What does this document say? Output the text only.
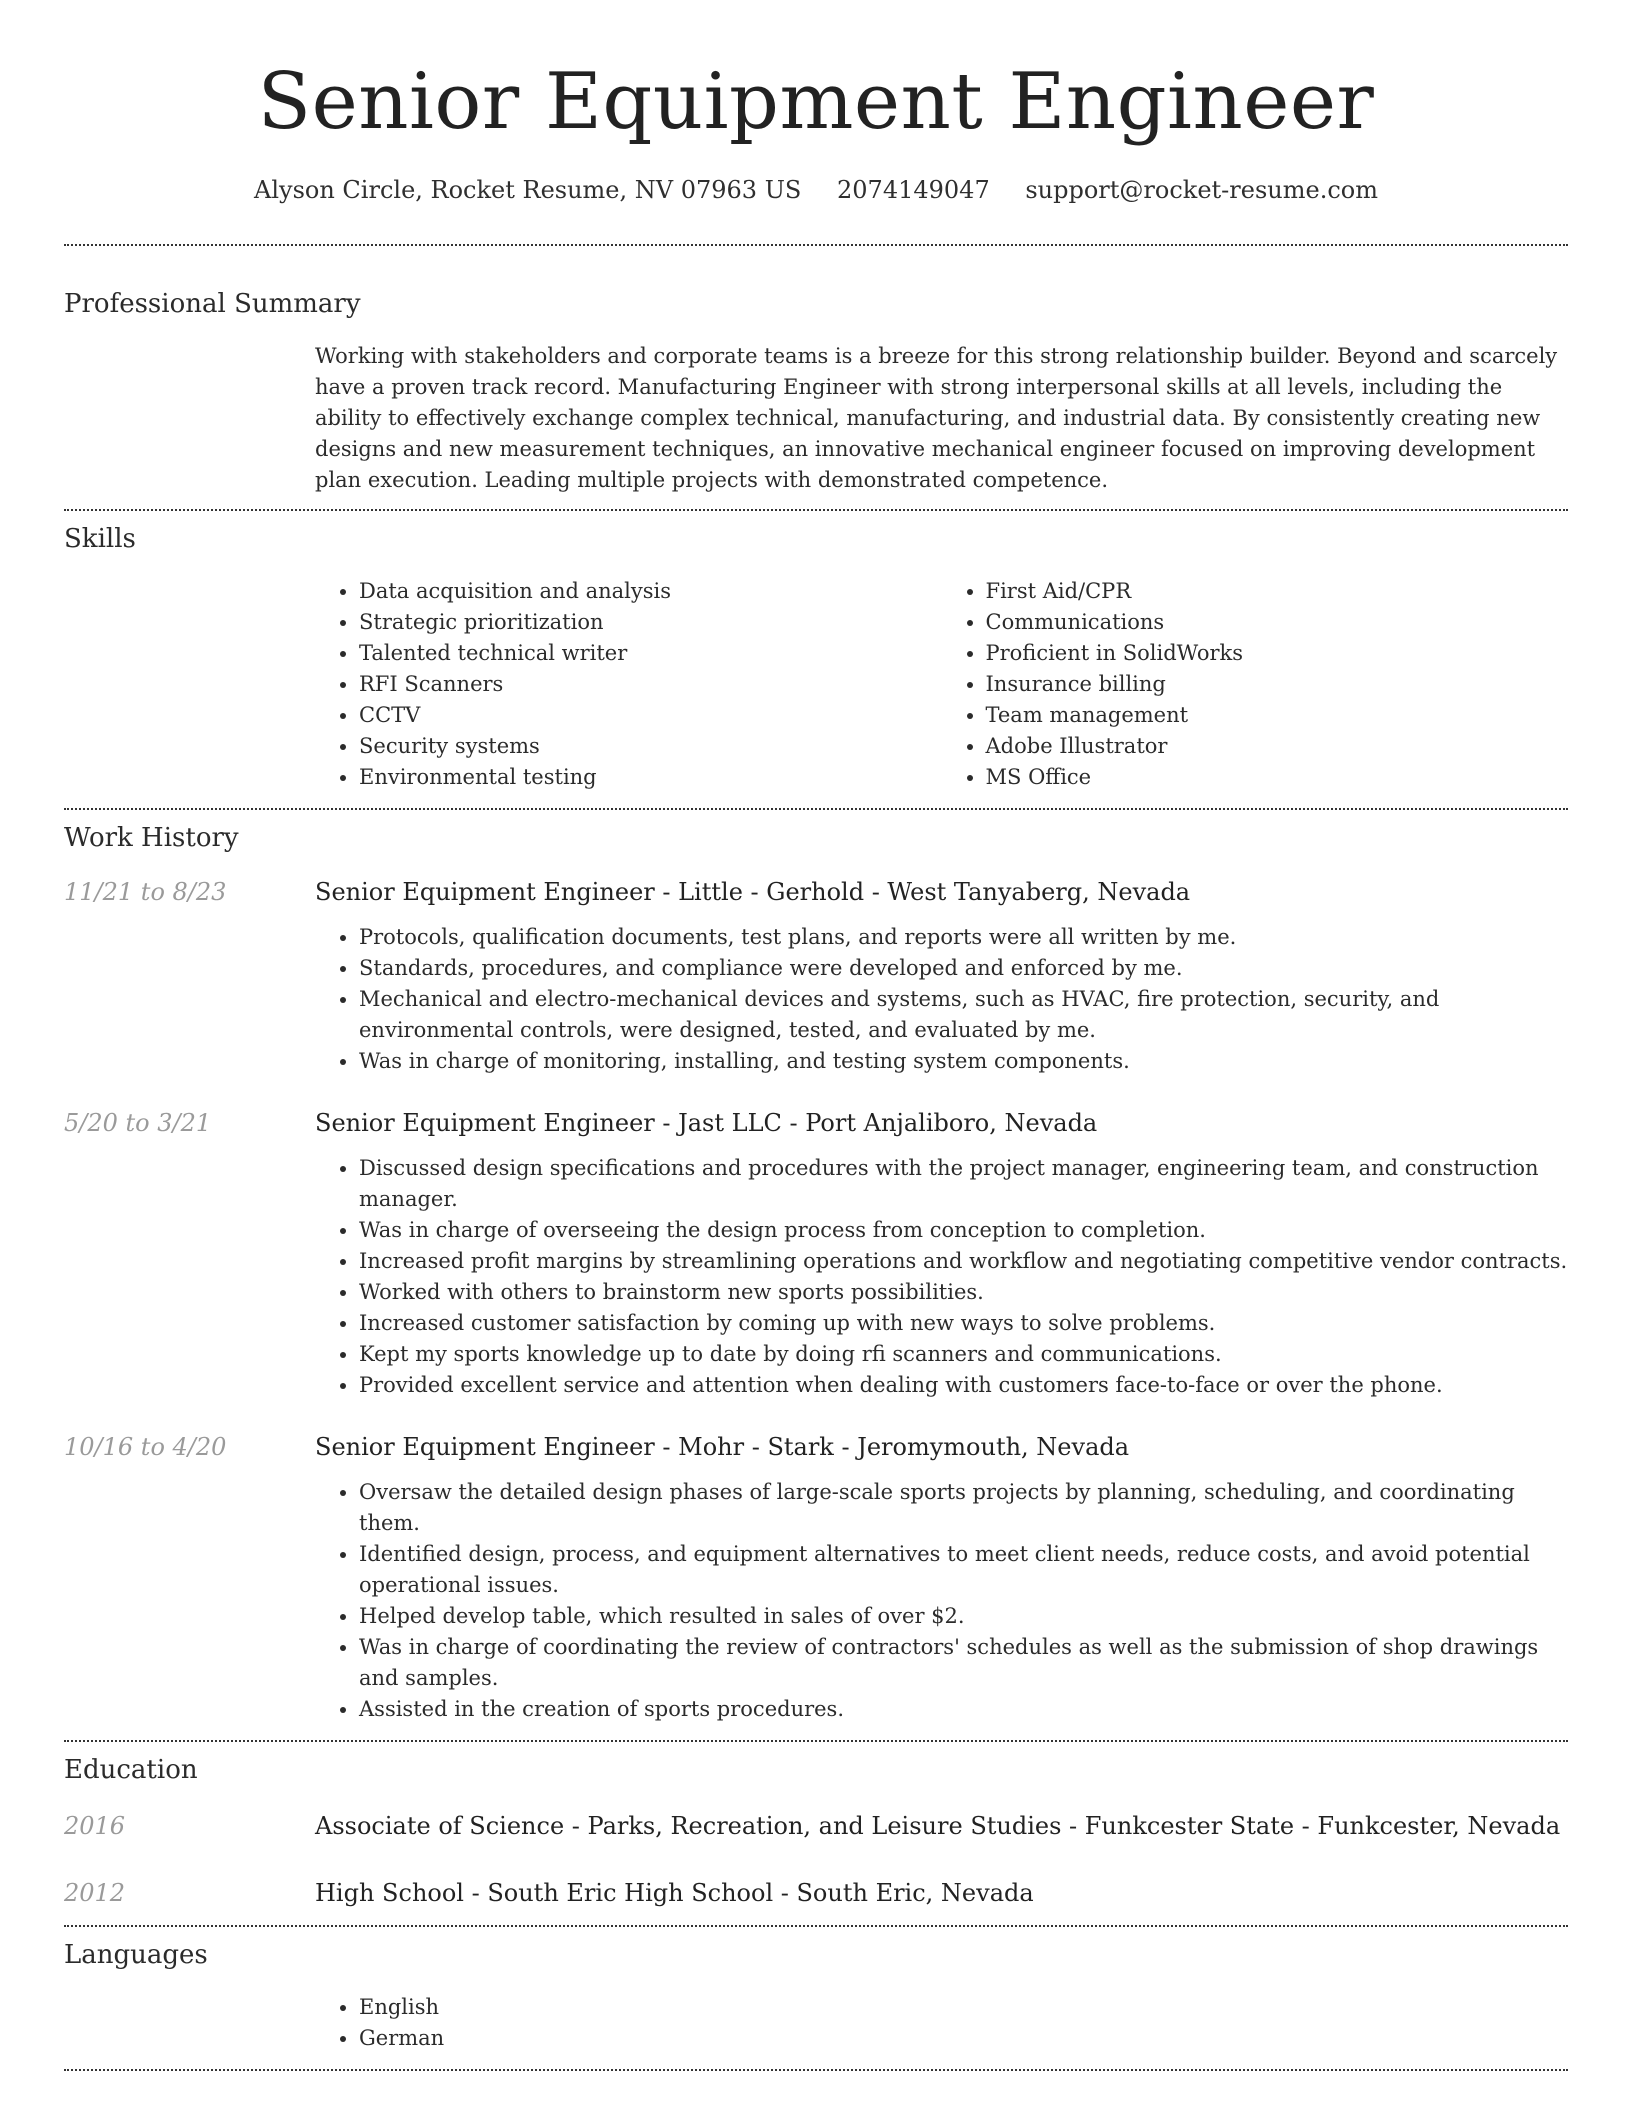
Senior Equipment Engineer
Alyson Circle, Rocket Resume, NV 07963 US 2074149047 support@rocket-resume.com
Professional Summary

Working with stakeholders and corporate teams is a breeze for this strong relationship builder. Beyond and scarcely have a proven track record. Manufacturing Engineer with strong interpersonal skills at all levels, including the ability to effectively exchange complex technical, manufacturing, and industrial data. By consistently creating new designs and new measurement techniques, an innovative mechanical engineer focused on improving development plan execution. Leading multiple projects with demonstrated competence.

Skills
• Data acquisition and analysis
• Strategic prioritization
• Talented technical writer
• RFI Scanners
• CCTV
• Security systems
• Environmental testing
• First Aid/CPR
• Communications
• Proficient in SolidWorks
• Insurance billing
• Team management
• Adobe Illustrator
• MS Office
Work History
11/21 to 8/23	Senior Equipment Engineer - Little - Gerhold - West Tanyaberg, Nevada
• Protocols, qualification documents, test plans, and reports were all written by me.
• Standards, procedures, and compliance were developed and enforced by me.
• Mechanical and electro-mechanical devices and systems, such as HVAC, fire protection, security, and environmental controls, were designed, tested, and evaluated by me.
• Was in charge of monitoring, installing, and testing system components.
5/20 to 3/21	Senior Equipment Engineer - Jast LLC - Port Anjaliboro, Nevada
• Discussed design specifications and procedures with the project manager, engineering team, and construction manager.
• Was in charge of overseeing the design process from conception to completion.
• Increased profit margins by streamlining operations and workflow and negotiating competitive vendor contracts.
• Worked with others to brainstorm new sports possibilities.
• Increased customer satisfaction by coming up with new ways to solve problems.
• Kept my sports knowledge up to date by doing rfi scanners and communications.
• Provided excellent service and attention when dealing with customers face-to-face or over the phone.
10/16 to 4/20	Senior Equipment Engineer - Mohr - Stark - Jeromymouth, Nevada
• Oversaw the detailed design phases of large-scale sports projects by planning, scheduling, and coordinating them.
• Identified design, process, and equipment alternatives to meet client needs, reduce costs, and avoid potential operational issues.
• Helped develop table, which resulted in sales of over $2.
• Was in charge of coordinating the review of contractors' schedules as well as the submission of shop drawings and samples.
• Assisted in the creation of sports procedures.
Education
2016	Associate of Science - Parks, Recreation, and Leisure Studies - Funkcester State - Funkcester, Nevada
2012	High School - South Eric High School - South Eric, Nevada
Languages
• English
• German
